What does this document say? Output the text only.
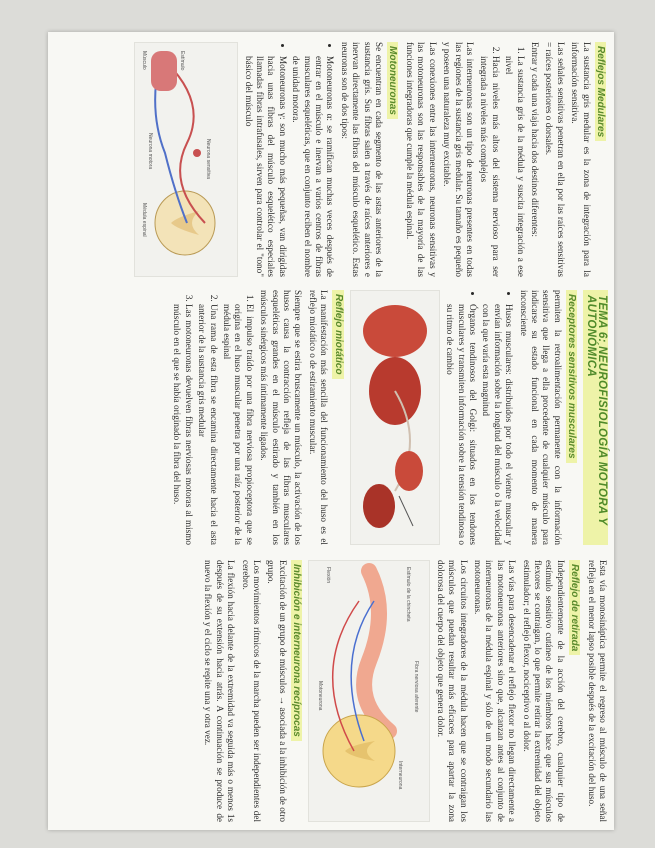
Reflejos Medulares

La sustancia gris medular es la zona de integración para la información sensitiva.

Las señales sensitivas penetran en ella por las raíces sensitivas = raíces posteriores o dorsales.

Entrar y cada una viaja hacia dos destinos diferentes:

1. La sustancia gris de la médula y suscita integración a ese nivel
2. Hacia niveles más altos del sistema nervioso para ser integrada a niveles más complejos

Las interneuronas son un tipo de neuronas presentes en todas las regiones de la sustancia gris medular. Su tamaño es pequeño y poseen una naturaleza muy excitable.

Las conexiones entre las interneuronas, neuronas sensitivas y las motoneuronas son las responsables de la mayoría de las funciones integradoras que cumple la médula espinal.

Motoneuronas

Se encuentran en cada segmento de las astas anteriores de la sustancia gris. Sus fibras salen a través de raíces anteriores e inervan directamente las fibras del músculo esquelético. Estas neuronas son de dos tipos:

• Motoneuronas α: se ramifican muchas veces después de entrar en el músculo e inervan a varios centros de fibras musculares esqueléticas, que en conjunto reciben el nombre de unidad motora.
• Motoneuronas γ: son mucho más pequeñas, van dirigidas hacia unas fibras del músculo esquelético especiales llamadas fibras intrafusales, sirven para controlar el "tono" básico del músculo
Neurona sensitiva
Médula espinal
Neurona motora
Músculo	Estímulo
TEMA 6: NEUROFISIOLOGÍA MOTORA Y AUTONÓMICA
Receptores sensitivos musculares

permiten la retroalimentación permanente con la información sensitiva que llega a ella procedente de cualquier músculo para indicarse su estado funcional en cada momento de manera inconsciente

• Husos musculares: distribuidos por todo el vientre muscular y envían información sobre la longitud del músculo o la velocidad con la que varía esta magnitud
• Órganos tendinosos del Golgi: situados en los tendones musculares y transmiten información sobre la tensión tendinosa o su ritmo de cambio
Reflejo miotático

La manifestación más sencilla del funcionamiento del huso es el reflejo miotático o de estiramiento muscular.

Siempre que se estira bruscamente un músculo, la activación de los husos causa la contracción refleja de las fibras musculares esqueléticas grandes en el músculo estirado y también en los músculos sinérgicos más íntimamente ligados.

1. El impulso traído por una fibra nerviosa propioceptora que se origina en el huso muscular penetra por una raíz posterior de la médula espinal
2. Una rama de esta fibra se encamina directamente hacia el asta anterior de la sustancia gris medular
3. Las motoneuronas devuelven fibras nerviosas motoras al mismo músculo en el que se había originado la fibra del huso.

Esta vía monosináptica permite el regreso al músculo de una señal refleja en el menor lapso posible después de la excitación del huso.

Reflejo de retirada

Independientemente de la acción del cerebro, cualquier tipo de estímulo sensitivo cutáneo de los miembros hace que sus músculos flexores se contraigan, lo que permite retirar la extremidad del objeto estimulador; el reflejo flexor, nociceptivo o al dolor.

Las vías para desencadenar el reflejo flexor no llegan directamente a las motoneuronas anteriores sino que, alcanzan antes al conjunto de interneuronas de la médula espinal y sólo de un modo secundario las motoneuronas.

Los circuitos integradores de la médula hacen que se contraigan los músculos que puedan resultar más eficaces para apartar la zona dolorosa del cuerpo del objeto que genera dolor.

Estímulo de la chincheta
Fibra nerviosa aferente
Interneurona
Motoneurona
Flexión
Inhibición e interneurona recíprocas

Excitación de un grupo de músculos → asociada a la inhibición de otro grupo.

Los movimientos rítmicos de la marcha pueden ser independientes del cerebro.

La flexión hacia delante de la extremidad va seguida más o menos 1s después de su extensión hacia atrás. A continuación se produce de nuevo la flexión y el ciclo se repite una y otra vez.
